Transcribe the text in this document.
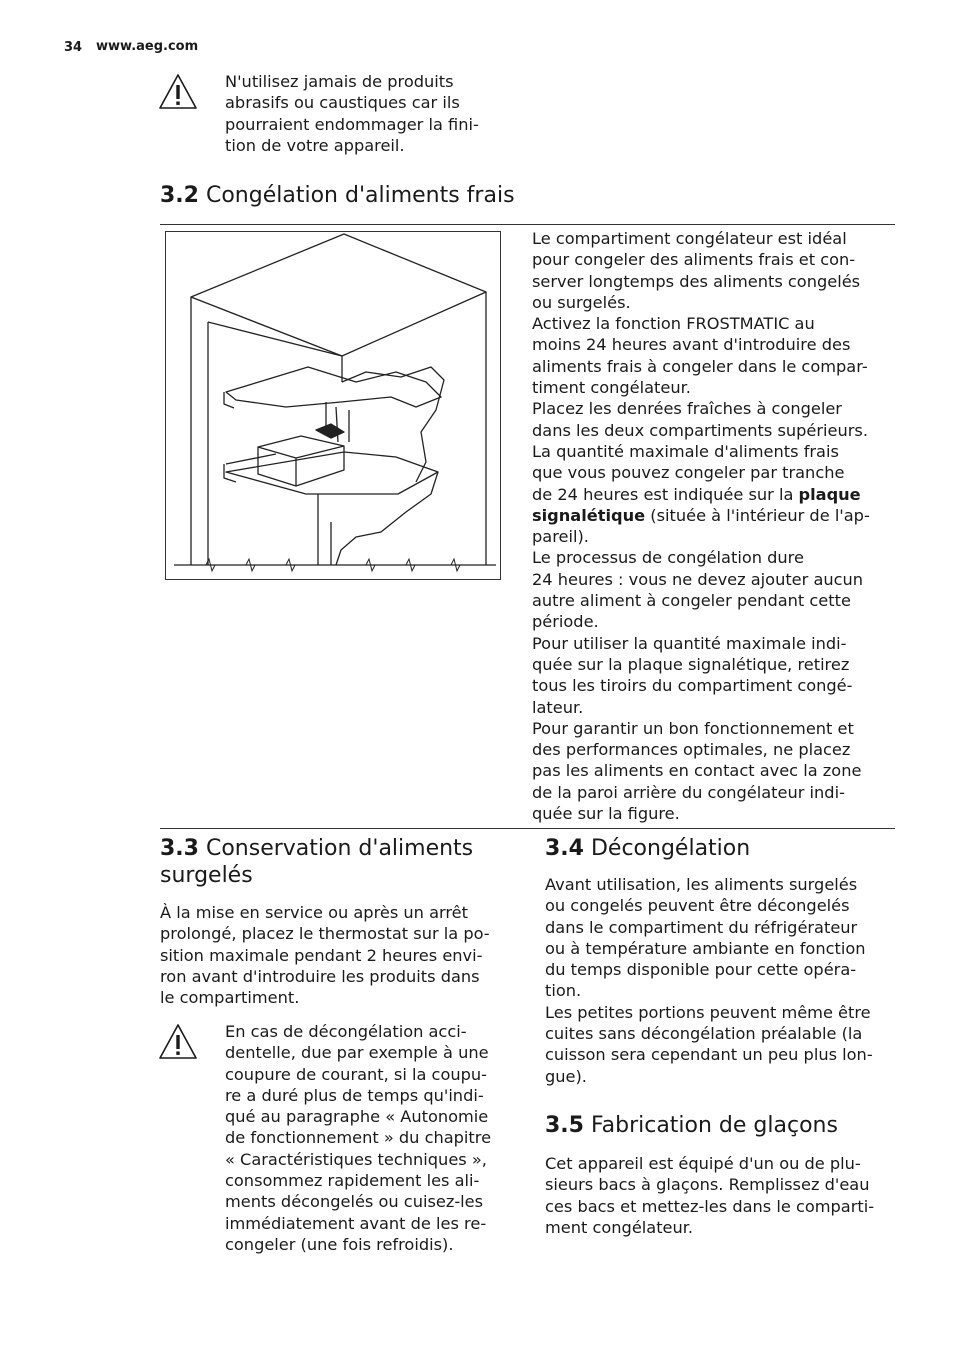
34 www.aeg.com

N'utilisez jamais de produits

abrasifs ou caustiques car ils

pourraient endommager la fini-

tion de votre appareil.

3.2 Congélation d'aliments frais

Le compartiment congélateur est idéal

pour congeler des aliments frais et con-

server longtemps des aliments congelés

ou surgelés.

Activez la fonction FROSTMATIC au

moins 24 heures avant d'introduire des

aliments frais à congeler dans le compar-

timent congélateur.

Placez les denrées fraîches à congeler

dans les deux compartiments supérieurs.

La quantité maximale d'aliments frais

que vous pouvez congeler par tranche

de 24 heures est indiquée sur la plaque

signalétique (située à l'intérieur de l'ap-

pareil).

Le processus de congélation dure

24 heures : vous ne devez ajouter aucun

autre aliment à congeler pendant cette

période.

Pour utiliser la quantité maximale indi-

quée sur la plaque signalétique, retirez

tous les tiroirs du compartiment congé-

lateur.

Pour garantir un bon fonctionnement et

des performances optimales, ne placez

pas les aliments en contact avec la zone

de la paroi arrière du congélateur indi-

quée sur la figure.

3.3 Conservation d'aliments
surgelés

À la mise en service ou après un arrêt

prolongé, placez le thermostat sur la po-

sition maximale pendant 2 heures envi-

ron avant d'introduire les produits dans

le compartiment.

En cas de décongélation acci-

dentelle, due par exemple à une

coupure de courant, si la coupu-

re a duré plus de temps qu'indi-

qué au paragraphe « Autonomie

de fonctionnement » du chapitre

« Caractéristiques techniques »,

consommez rapidement les ali-

ments décongelés ou cuisez-les

immédiatement avant de les re-

congeler (une fois refroidis).

3.4 Décongélation

Avant utilisation, les aliments surgelés

ou congelés peuvent être décongelés

dans le compartiment du réfrigérateur

ou à température ambiante en fonction

du temps disponible pour cette opéra-

tion.

Les petites portions peuvent même être

cuites sans décongélation préalable (la

cuisson sera cependant un peu plus lon-

gue).

3.5 Fabrication de glaçons

Cet appareil est équipé d'un ou de plu-

sieurs bacs à glaçons. Remplissez d'eau

ces bacs et mettez-les dans le comparti-

ment congélateur.
